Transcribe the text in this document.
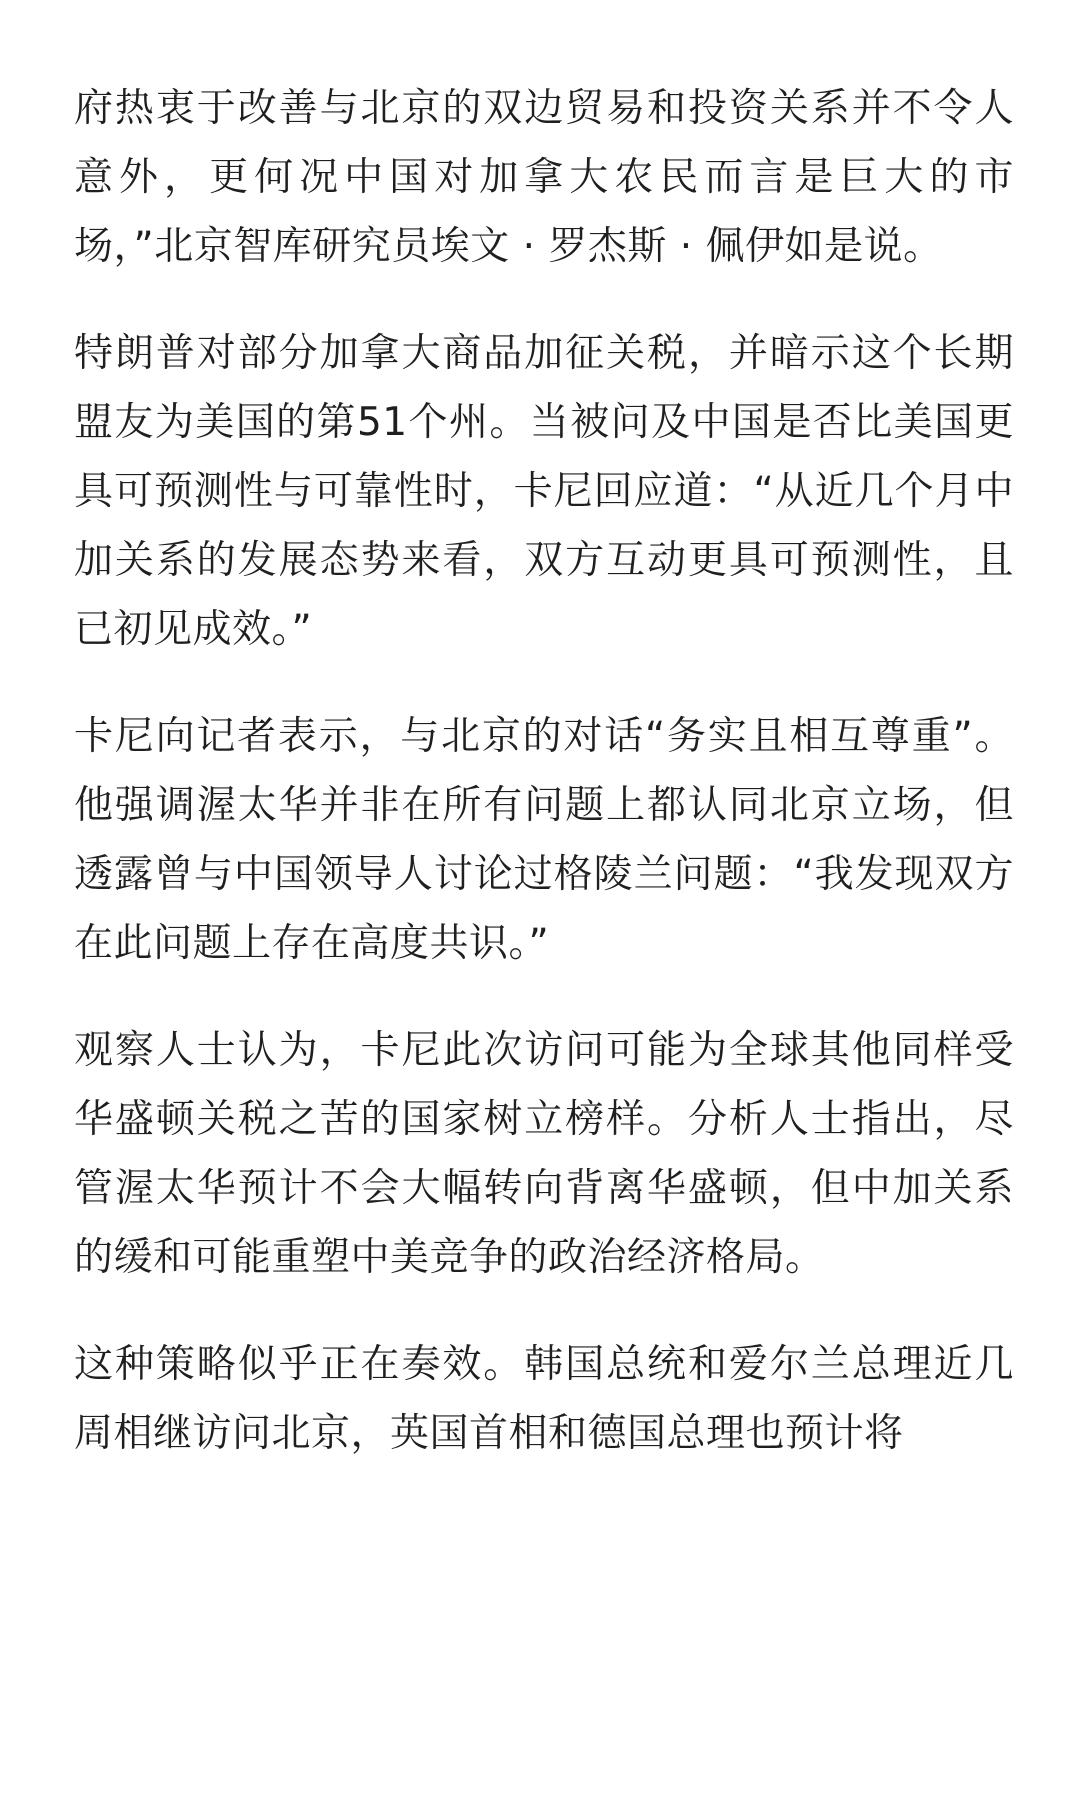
府热衷于改善与北京的双边贸易和投资关系并不令人意外，更何况中国对加拿大农民而言是巨大的市场，”北京智库研究员埃文 · 罗杰斯 · 佩伊如是说。

特朗普对部分加拿大商品加征关税，并暗示这个长期盟友为美国的第51个州。当被问及中国是否比美国更具可预测性与可靠性时，卡尼回应道：“从近几个月中加关系的发展态势来看，双方互动更具可预测性，且已初见成效。”

卡尼向记者表示，与北京的对话“务实且相互尊重”。他强调渥太华并非在所有问题上都认同北京立场，但透露曾与中国领导人讨论过格陵兰问题：“我发现双方在此问题上存在高度共识。”

观察人士认为，卡尼此次访问可能为全球其他同样受华盛顿关税之苦的国家树立榜样。分析人士指出，尽管渥太华预计不会大幅转向背离华盛顿，但中加关系的缓和可能重塑中美竞争的政治经济格局。

这种策略似乎正在奏效。韩国总统和爱尔兰总理近几周相继访问北京，英国首相和德国总理也预计将
